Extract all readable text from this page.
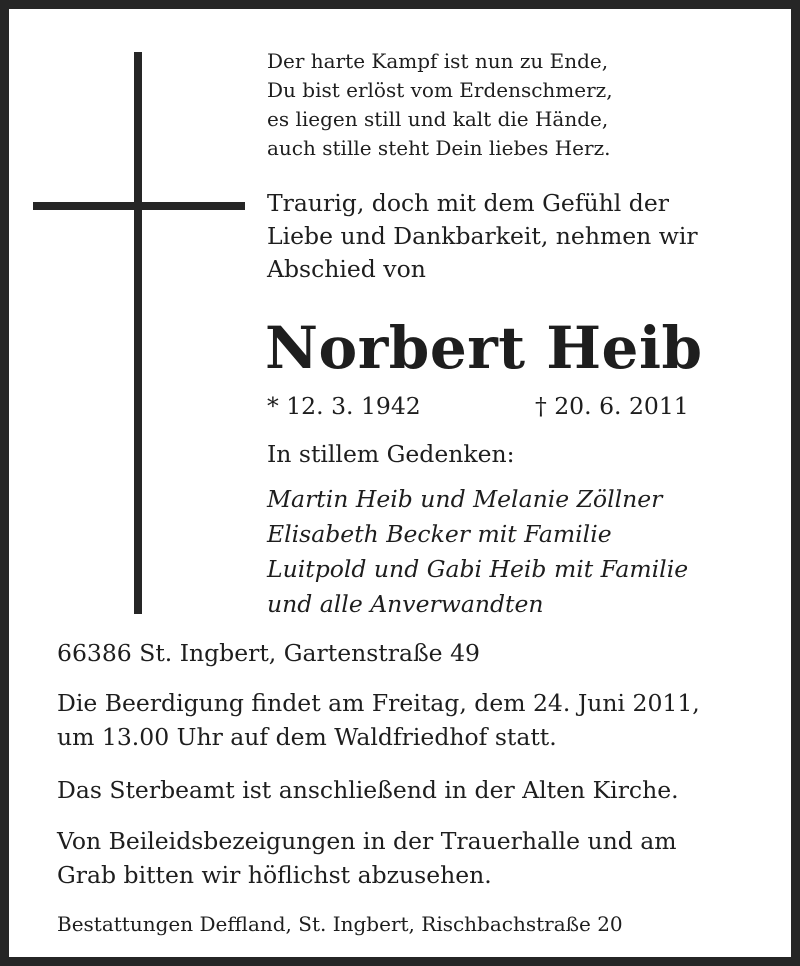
Der harte Kampf ist nun zu Ende,
Du bist erlöst vom Erdenschmerz,
es liegen still und kalt die Hände,
auch stille steht Dein liebes Herz.

Traurig, doch mit dem Gefühl der
Liebe und Dankbarkeit, nehmen wir
Abschied von

Norbert Heib
* 12. 3. 1942	† 20. 6. 2011
In stillem Gedenken:

Martin Heib und Melanie Zöllner
Elisabeth Becker mit Familie
Luitpold und Gabi Heib mit Familie
und alle Anverwandten

66386 St. Ingbert, Gartenstraße 49

Die Beerdigung findet am Freitag, dem 24. Juni 2011,
um 13.00 Uhr auf dem Waldfriedhof statt.

Das Sterbeamt ist anschließend in der Alten Kirche.

Von Beileidsbezeigungen in der Trauerhalle und am
Grab bitten wir höflichst abzusehen.

Bestattungen Deffland, St. Ingbert, Rischbachstraße 20
